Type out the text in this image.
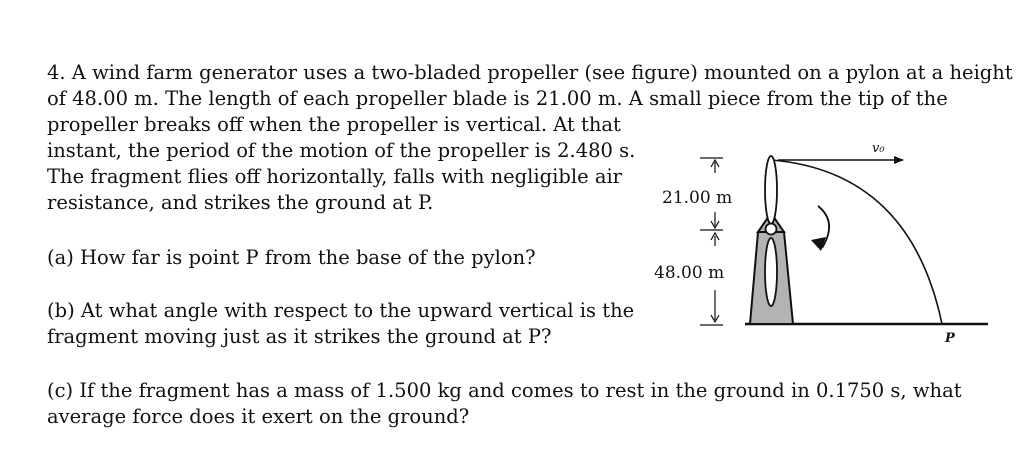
4. A wind farm generator uses a two-bladed propeller (see figure) mounted on a pylon at a height
of 48.00 m. The length of each propeller blade is 21.00 m. A small piece from the tip of the
propeller breaks off when the propeller is vertical. At that
instant, the period of the motion of the propeller is 2.480 s.
The fragment flies off horizontally, falls with negligible air
resistance, and strikes the ground at P.
(a) How far is point P from the base of the pylon?
(b) At what angle with respect to the upward vertical is the
fragment moving just as it strikes the ground at P?
(c) If the fragment has a mass of 1.500 kg and comes to rest in the ground in 0.1750 s, what
average force does it exert on the ground?
v₀
21.00 m
48.00 m
P
